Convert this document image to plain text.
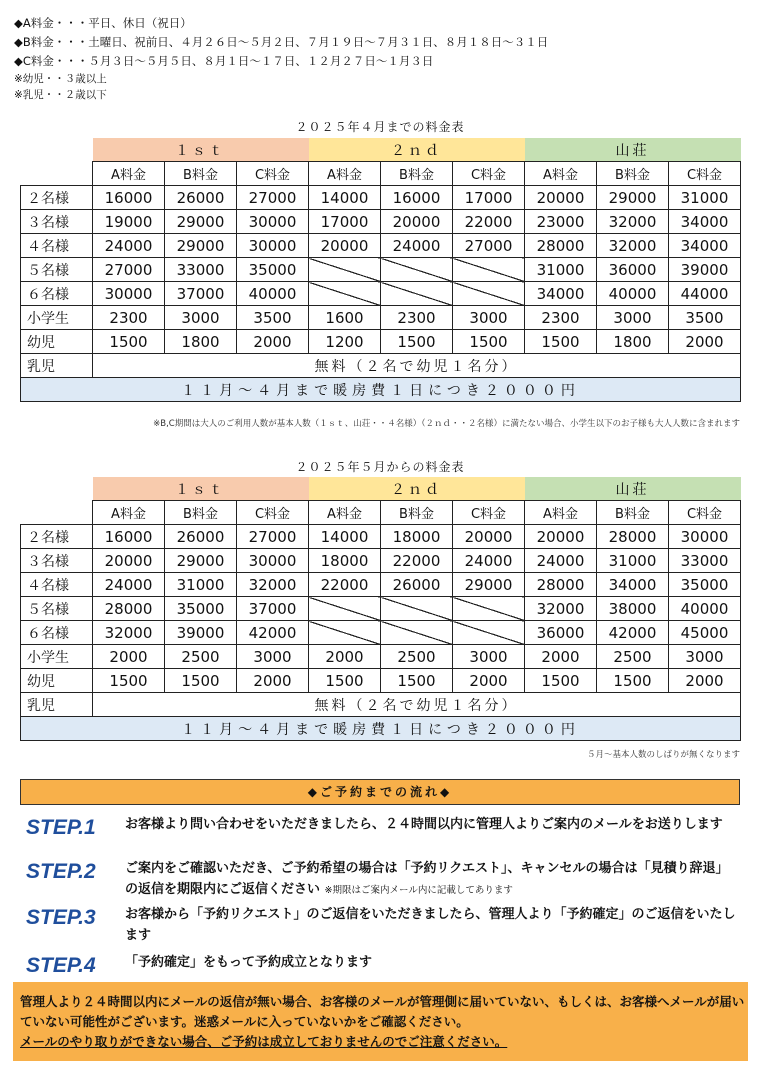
◆A料金・・・平日、休日（祝日）
◆B料金・・・土曜日、祝前日、４月２６日〜５月２日、７月１９日〜７月３１日、８月１８日〜３１日
◆C料金・・・５月３日〜５月５日、８月１日〜１７日、１２月２７日〜１月３日
※幼児・・３歳以上
※乳児・・２歳以下
２０２５年４月までの料金表
	１ｓｔ			２ｎｄ			山荘		
	A料金	B料金	C料金	A料金	B料金	C料金	A料金	B料金	C料金
２名様	16000	26000	27000	14000	16000	17000	20000	29000	31000
３名様	19000	29000	30000	17000	20000	22000	23000	32000	34000
４名様	24000	29000	30000	20000	24000	27000	28000	32000	34000
５名様	27000	33000	35000				31000	36000	39000
６名様	30000	37000	40000				34000	40000	44000
小学生	2300	3000	3500	1600	2300	3000	2300	3000	3500
幼児	1500	1800	2000	1200	1500	1500	1500	1800	2000
乳児	無料（２名で幼児１名分）								
１１月〜４月まで暖房費１日につき２０００円									
※B,C期間は大人のご利用人数が基本人数（１ｓｔ、山荘・・４名様）（２ｎｄ・・２名様）に満たない場合、小学生以下のお子様も大人人数に含まれます
２０２５年５月からの料金表
	１ｓｔ			２ｎｄ			山荘		
	A料金	B料金	C料金	A料金	B料金	C料金	A料金	B料金	C料金
２名様	16000	26000	27000	14000	18000	20000	20000	28000	30000
３名様	20000	29000	30000	18000	22000	24000	24000	31000	33000
４名様	24000	31000	32000	22000	26000	29000	28000	34000	35000
５名様	28000	35000	37000				32000	38000	40000
６名様	32000	39000	42000				36000	42000	45000
小学生	2000	2500	3000	2000	2500	3000	2000	2500	3000
幼児	1500	1500	2000	1500	1500	2000	1500	1500	2000
乳児	無料（２名で幼児１名分）								
１１月〜４月まで暖房費１日につき２０００円									
５月〜基本人数のしばりが無くなります
◆ご予約までの流れ◆
STEP.1 お客様より問い合わせをいただきましたら、２４時間以内に管理人よりご案内のメールをお送りします
STEP.2 ご案内をご確認いただき、ご予約希望の場合は「予約リクエスト」、キャンセルの場合は「見積り辞退」の返信を期限内にご返信ください ※期限はご案内メール内に記載してあります
STEP.3 お客様から「予約リクエスト」のご返信をいただきましたら、管理人より「予約確定」のご返信をいたします
STEP.4 「予約確定」をもって予約成立となります
管理人より２４時間以内にメールの返信が無い場合、お客様のメールが管理側に届いていない、もしくは、お客様へメールが届いていない可能性がございます。迷惑メールに入っていないかをご確認ください。
メールのやり取りができない場合、ご予約は成立しておりませんのでご注意ください。
